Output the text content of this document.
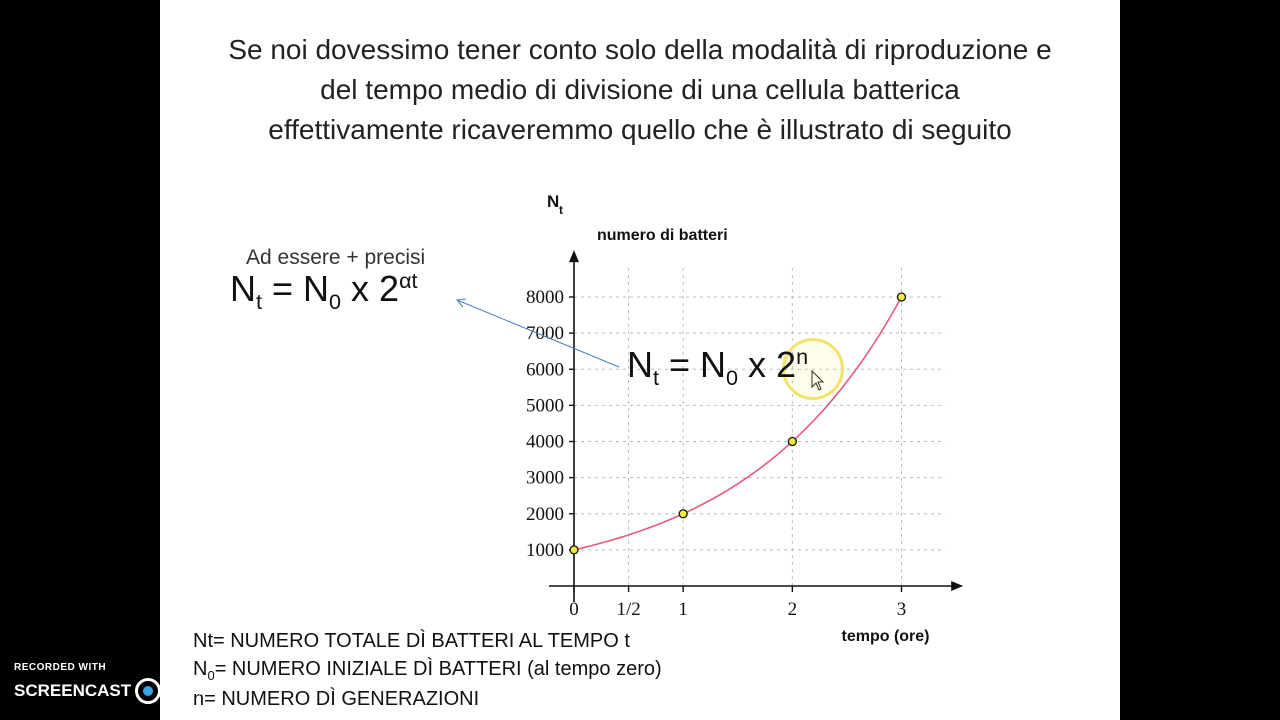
Se noi dovessimo tener conto solo della modalità di riproduzione e
del tempo medio di divisione di una cellula batterica
effettivamente ricaveremmo quello che è illustrato di seguito
1000
2000
3000
4000
5000
6000
7000
8000
0 1/2 1	2	3
N t
numero di batteri
tempo (ore)
Ad essere + precisi
$N_t = N_0$ x $2^{\alpha t}$
$N_t = N_0$ x 2$^n$
Nt= NUMERO TOTALE DÌ BATTERI AL TEMPO t
$N_0=$ NUMERO INIZIALE DÌ BATTERI (al tempo zero)
n= NUMERO DÌ GENERAZIONI
RECORDED WITH
SCREENCAST MATIC
